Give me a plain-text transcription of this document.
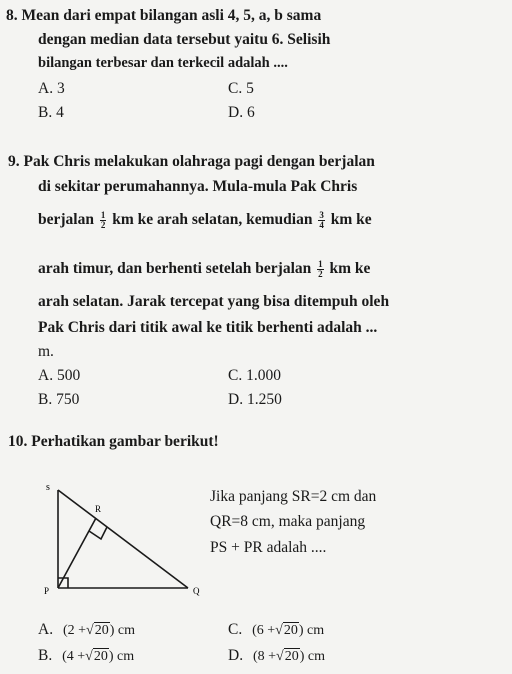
8. Mean dari empat bilangan asli 4, 5, a, b sama
dengan median data tersebut yaitu 6. Selisih
bilangan terbesar dan terkecil adalah ....
A. 3	C. 5
B. 4	D. 6
9. Pak Chris melakukan olahraga pagi dengan berjalan
di sekitar perumahannya. Mula-mula Pak Chris
berjalan $\frac{1}{2}$ km ke arah selatan, kemudian $\frac{3}{4}$ km ke
arah timur, dan berhenti setelah berjalan $\frac{1}{2}$ km ke
arah selatan. Jarak tercepat yang bisa ditempuh oleh
Pak Chris dari titik awal ke titik berhenti adalah ...
m.
A. 500	C. 1.000
B. 750	D. 1.250
10. Perhatikan gambar berikut!
s
R
P	Q
Jika panjang SR=2 cm dan
QR=8 cm, maka panjang
PS + PR adalah ....
A. (2 +√20) cm	C. (6 +√20) cm
B. (4 +√20) cm	D. (8 +√20) cm
